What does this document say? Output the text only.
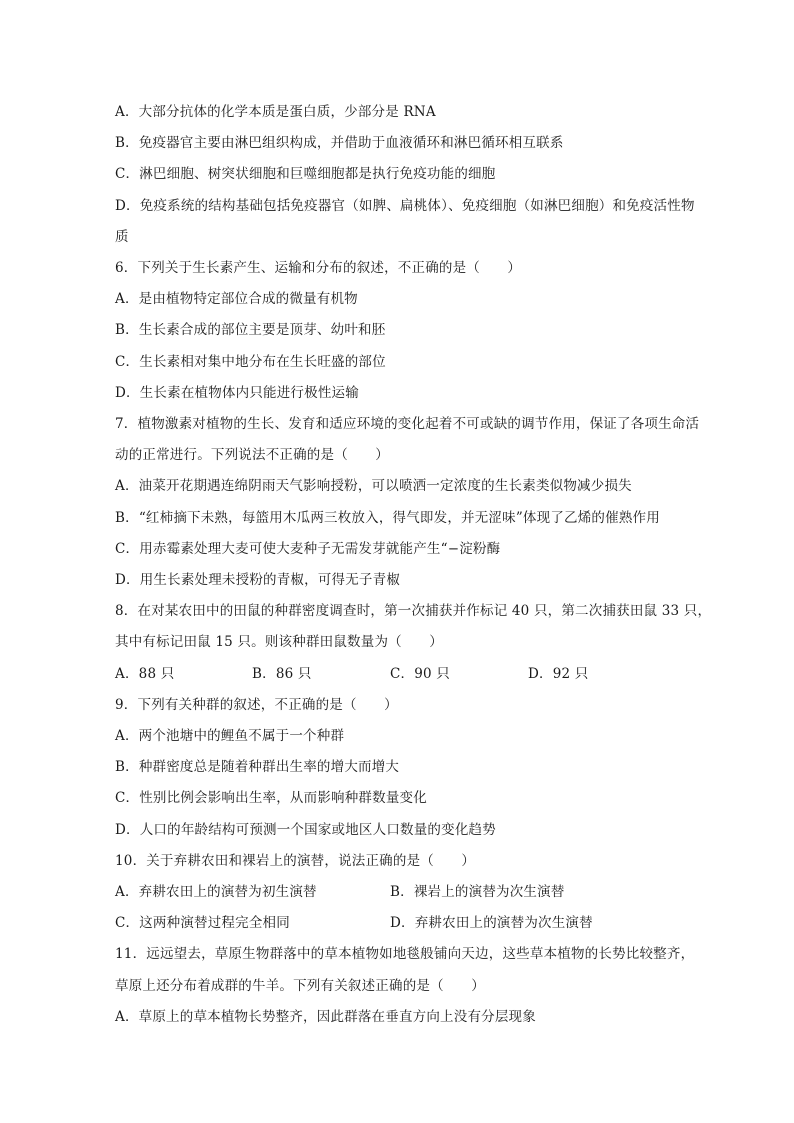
A．大部分抗体的化学本质是蛋白质，少部分是 RNA
B．免疫器官主要由淋巴组织构成，并借助于血液循环和淋巴循环相互联系
C．淋巴细胞、树突状细胞和巨噬细胞都是执行免疫功能的细胞
D．免疫系统的结构基础包括免疫器官（如脾、扁桃体）、免疫细胞（如淋巴细胞）和免疫活性物
质
6．下列关于生长素产生、运输和分布的叙述，不正确的是（　　）
A．是由植物特定部位合成的微量有机物
B．生长素合成的部位主要是顶芽、幼叶和胚
C．生长素相对集中地分布在生长旺盛的部位
D．生长素在植物体内只能进行极性运输
7．植物激素对植物的生长、发育和适应环境的变化起着不可或缺的调节作用，保证了各项生命活
动的正常进行。下列说法不正确的是（　　）
A．油菜开花期遇连绵阴雨天气影响授粉，可以喷洒一定浓度的生长素类似物减少损失
B．“红柿摘下未熟，每篮用木瓜两三枚放入，得气即发，并无涩味”体现了乙烯的催熟作用
C．用赤霉素处理大麦可使大麦种子无需发芽就能产生“−淀粉酶
D．用生长素处理未授粉的青椒，可得无子青椒
8．在对某农田中的田鼠的种群密度调查时，第一次捕获并作标记 40 只，第二次捕获田鼠 33 只，
其中有标记田鼠 15 只。则该种群田鼠数量为（　　）
A．88 只	B．86 只	C．90 只	D．92 只
9．下列有关种群的叙述，不正确的是（　　）
A．两个池塘中的鲤鱼不属于一个种群
B．种群密度总是随着种群出生率的增大而增大
C．性别比例会影响出生率，从而影响种群数量变化
D．人口的年龄结构可预测一个国家或地区人口数量的变化趋势
10．关于弃耕农田和裸岩上的演替，说法正确的是（　　）
A．弃耕农田上的演替为初生演替	B．裸岩上的演替为次生演替
C．这两种演替过程完全相同	D．弃耕农田上的演替为次生演替
11．远远望去，草原生物群落中的草本植物如地毯般铺向天边，这些草本植物的长势比较整齐，
草原上还分布着成群的牛羊。下列有关叙述正确的是（　　）
A．草原上的草本植物长势整齐，因此群落在垂直方向上没有分层现象
